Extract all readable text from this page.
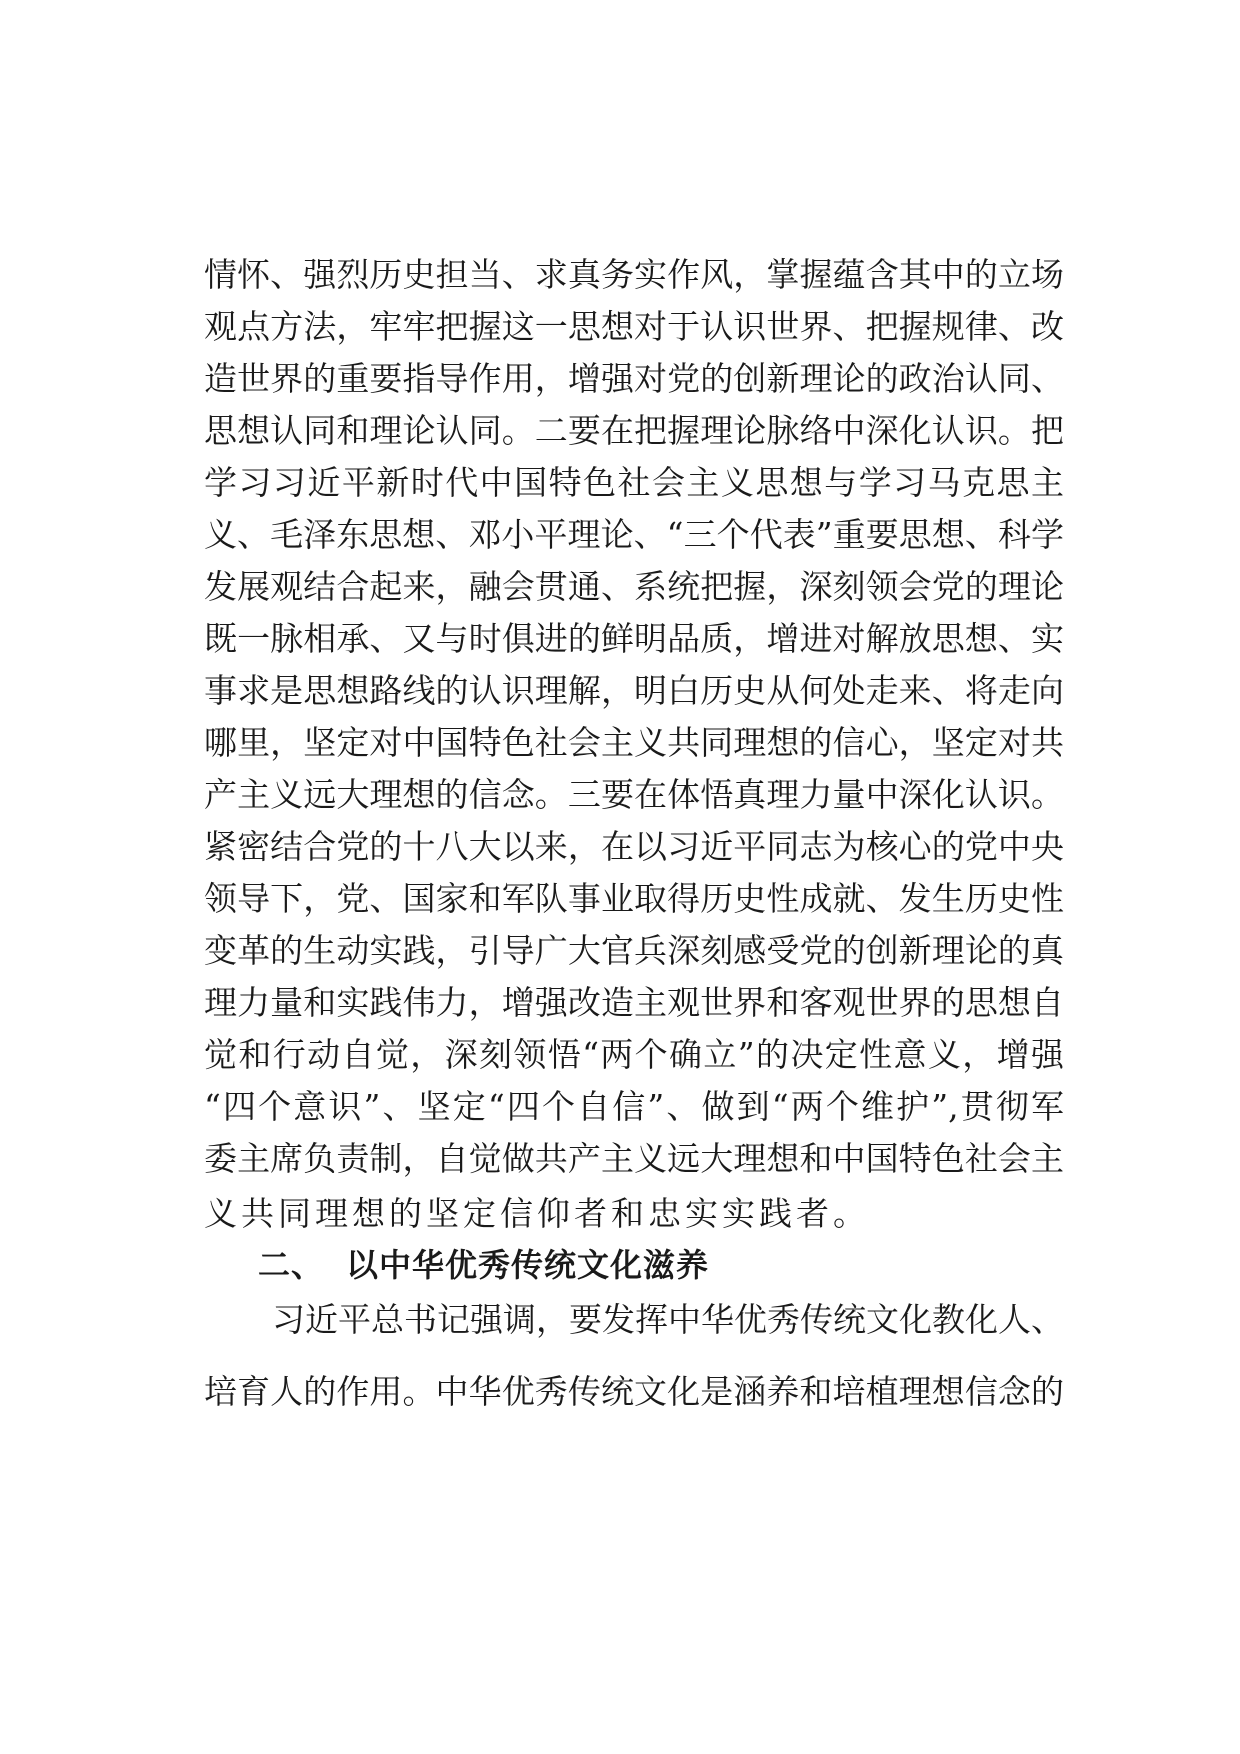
情怀、强烈历史担当、求真务实作风，掌握蕴含其中的立场
观点方法，牢牢把握这一思想对于认识世界、把握规律、改
造世界的重要指导作用，增强对党的创新理论的政治认同、
思想认同和理论认同。二要在把握理论脉络中深化认识。把
学习习近平新时代中国特色社会主义思想与学习马克思主
义、毛泽东思想、邓小平理论、“三个代表”重要思想、科学
发展观结合起来，融会贯通、系统把握，深刻领会党的理论
既一脉相承、又与时俱进的鲜明品质，增进对解放思想、实
事求是思想路线的认识理解，明白历史从何处走来、将走向
哪里，坚定对中国特色社会主义共同理想的信心，坚定对共
产主义远大理想的信念。三要在体悟真理力量中深化认识。
紧密结合党的十八大以来，在以习近平同志为核心的党中央
领导下，党、国家和军队事业取得历史性成就、发生历史性
变革的生动实践，引导广大官兵深刻感受党的创新理论的真
理力量和实践伟力，增强改造主观世界和客观世界的思想自
觉和行动自觉，深刻领悟“两个确立”的决定性意义，增强
“四个意识”、坚定“四个自信”、做到“两个维护”,贯彻军
委主席负责制，自觉做共产主义远大理想和中国特色社会主
义共同理想的坚定信仰者和忠实实践者。
二、 以中华优秀传统文化滋养
习近平总书记强调，要发挥中华优秀传统文化教化人、
培育人的作用。中华优秀传统文化是涵养和培植理想信念的
